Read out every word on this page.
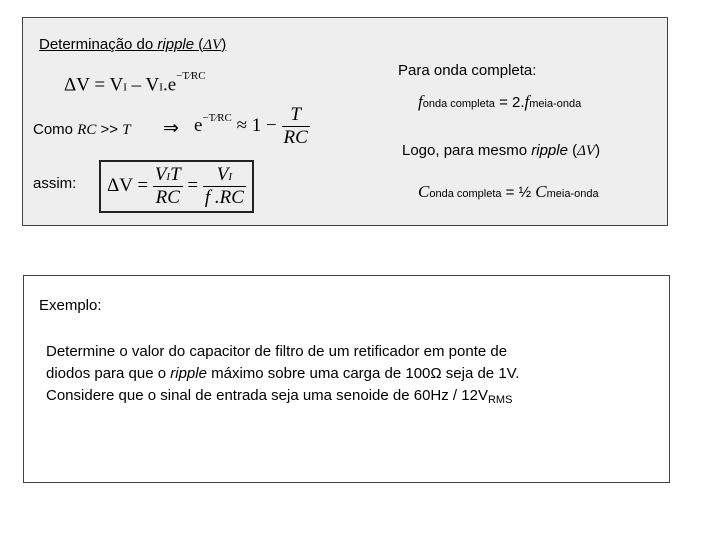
Determinação do ripple (ΔV)
ΔV = VI – $VI.e^{-T⁄RC}$
Como RC >> T ⇒ $e^{-T⁄RC} \approx 1 - \frac{T}{RC}$
assim:	$\Delta V = \frac{\text{VIT}}{RC} = \frac{VI}{f .RC}$
Para onda completa:
fonda completa = 2.fmeia-onda
Logo, para mesmo ripple (ΔV)
Conda completa = ½ Cmeia-onda
Exemplo:
Determine o valor do capacitor de filtro de um retificador em ponte de
diodos para que o ripple máximo sobre uma carga de 100Ω seja de 1V.
Considere que o sinal de entrada seja uma senoide de $60Hz / 12V_{RMS}$
